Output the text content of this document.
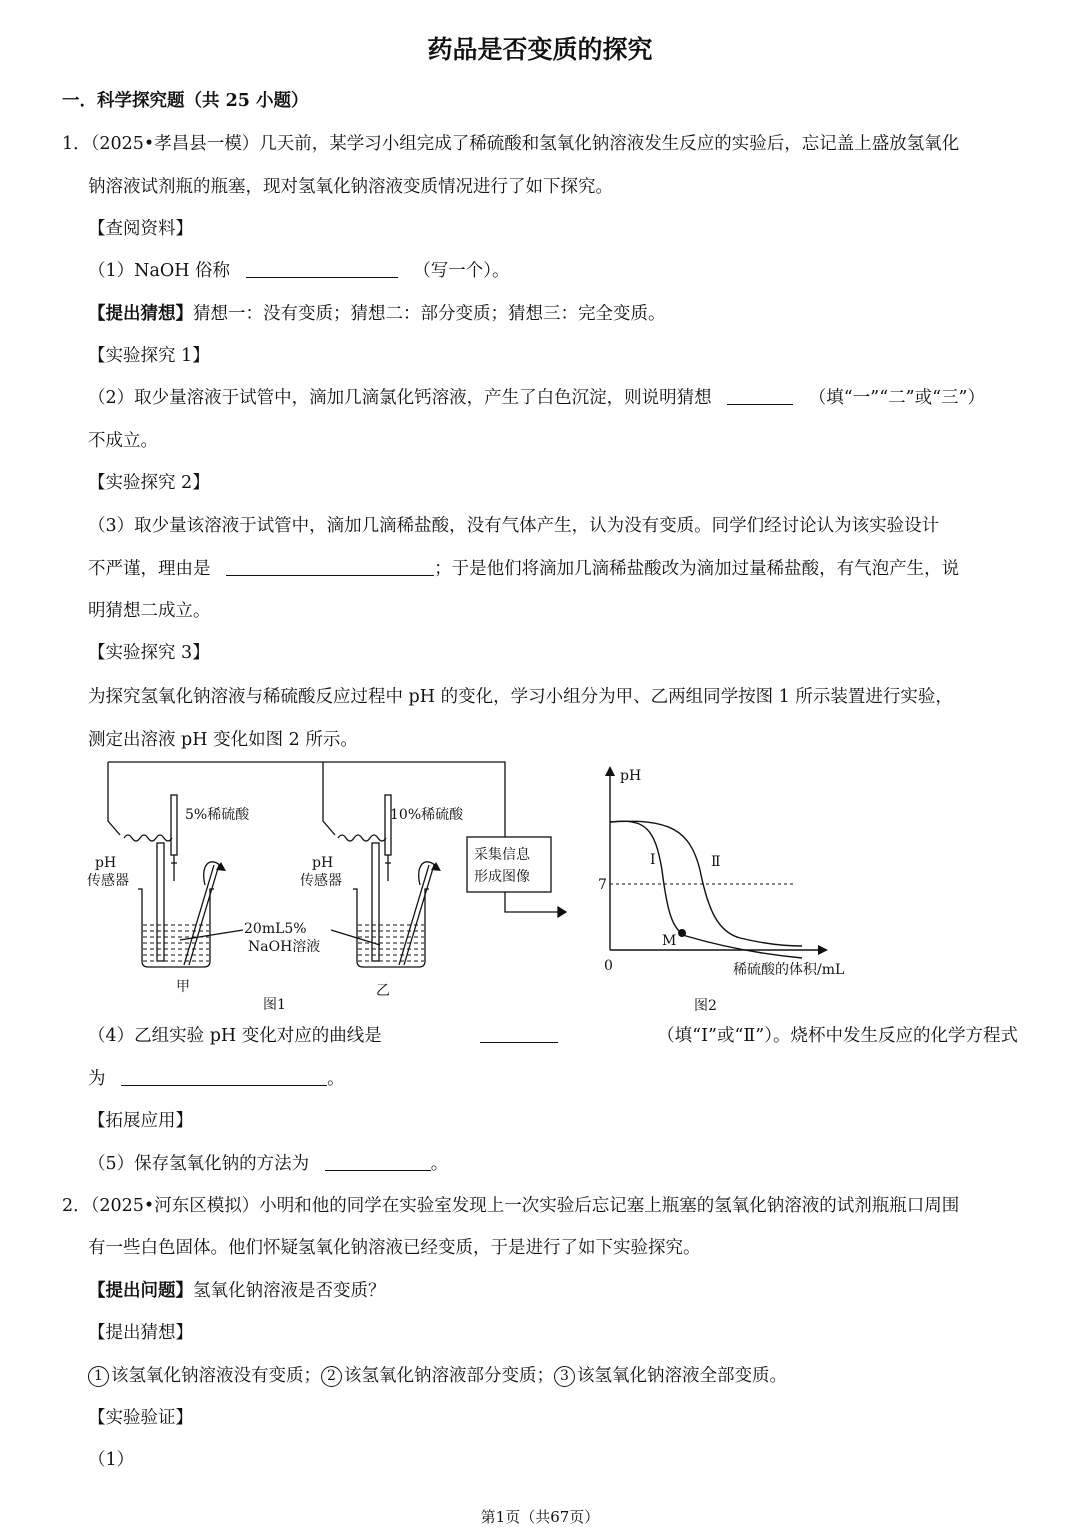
药品是否变质的探究
一．科学探究题（共 25 小题）
1．（2025•孝昌县一模）几天前，某学习小组完成了稀硫酸和氢氧化钠溶液发生反应的实验后，忘记盖上盛放氢氧化
钠溶液试剂瓶的瓶塞，现对氢氧化钠溶液变质情况进行了如下探究。
【查阅资料】
（1）NaOH 俗称	（写一个）。
【提出猜想】猜想一：没有变质；猜想二：部分变质；猜想三：完全变质。
【实验探究 1】
（2）取少量溶液于试管中，滴加几滴氯化钙溶液，产生了白色沉淀，则说明猜想	（填“一”“二”或“三”）
不成立。
【实验探究 2】
（3）取少量该溶液于试管中，滴加几滴稀盐酸，没有气体产生，认为没有变质。同学们经讨论认为该实验设计
不严谨，理由是	；于是他们将滴加几滴稀盐酸改为滴加过量稀盐酸，有气泡产生，说
明猜想二成立。
【实验探究 3】
为探究氢氧化钠溶液与稀硫酸反应过程中 pH 的变化，学习小组分为甲、乙两组同学按图 1 所示装置进行实验，
测定出溶液 pH 变化如图 2 所示。
5%稀硫酸	10%稀硫酸
pH
传感器
pH
传感器
20mL5%
NaOH溶液
采集信息
形成图像
甲	乙
图1
pH
7
0
Ⅰ	Ⅱ
M
稀硫酸的体积/mL
图2
（4）乙组实验 pH 变化对应的曲线是	（填“Ⅰ”或“Ⅱ”）。烧杯中发生反应的化学方程式
为	。
【拓展应用】
（5）保存氢氧化钠的方法为	。
2．（2025•河东区模拟）小明和他的同学在实验室发现上一次实验后忘记塞上瓶塞的氢氧化钠溶液的试剂瓶瓶口周围
有一些白色固体。他们怀疑氢氧化钠溶液已经变质，于是进行了如下实验探究。
【提出问题】氢氧化钠溶液是否变质？
【提出猜想】
1 该氢氧化钠溶液没有变质； 2 该氢氧化钠溶液部分变质； 3 该氢氧化钠溶液全部变质。
【实验验证】
（1）
第1页（共67页）
